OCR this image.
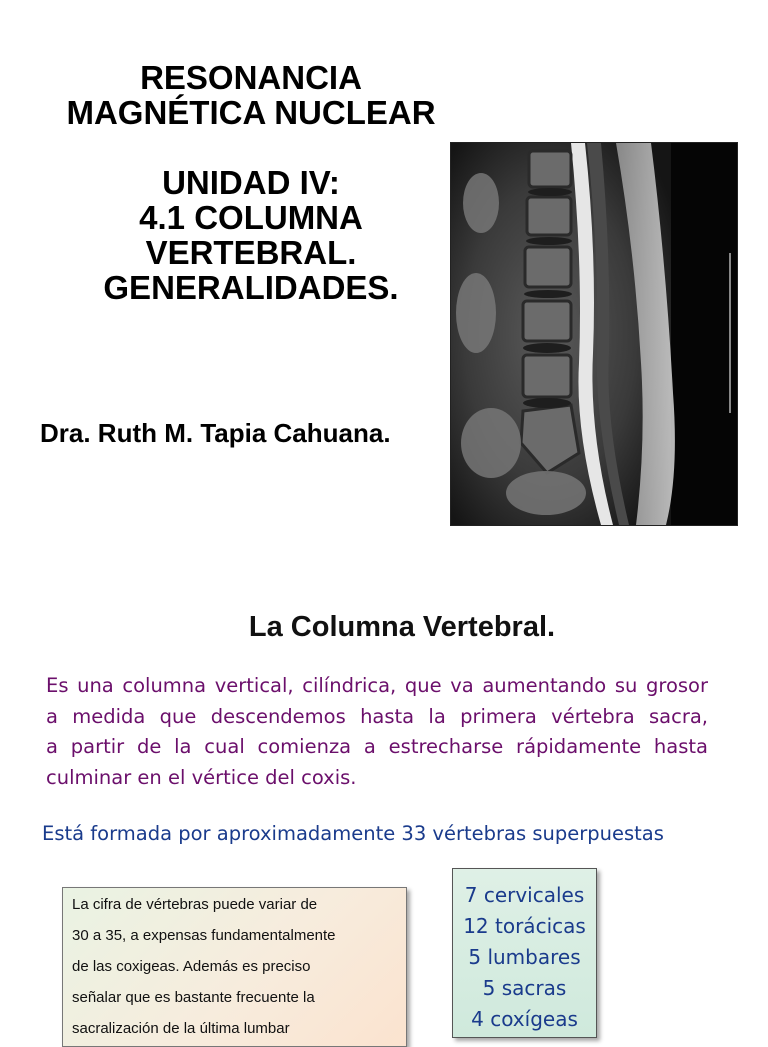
RESONANCIA
MAGNÉTICA NUCLEAR
UNIDAD IV:
4.1 COLUMNA
VERTEBRAL.
GENERALIDADES.
Dra. Ruth M. Tapia Cahuana.
La Columna Vertebral.
Es una columna vertical, cilíndrica, que va aumentando su grosor
a medida que descendemos hasta la primera vértebra sacra,
a partir de la cual comienza a estrecharse rápidamente hasta
culminar en el vértice del coxis.
Está formada por aproximadamente 33 vértebras superpuestas
La cifra de vértebras puede variar de
30 a 35, a expensas fundamentalmente
de las coxigeas. Además es preciso
señalar que es bastante frecuente la
sacralización de la última lumbar
7 cervicales
12 torácicas
5 lumbares
5 sacras
4 coxígeas
